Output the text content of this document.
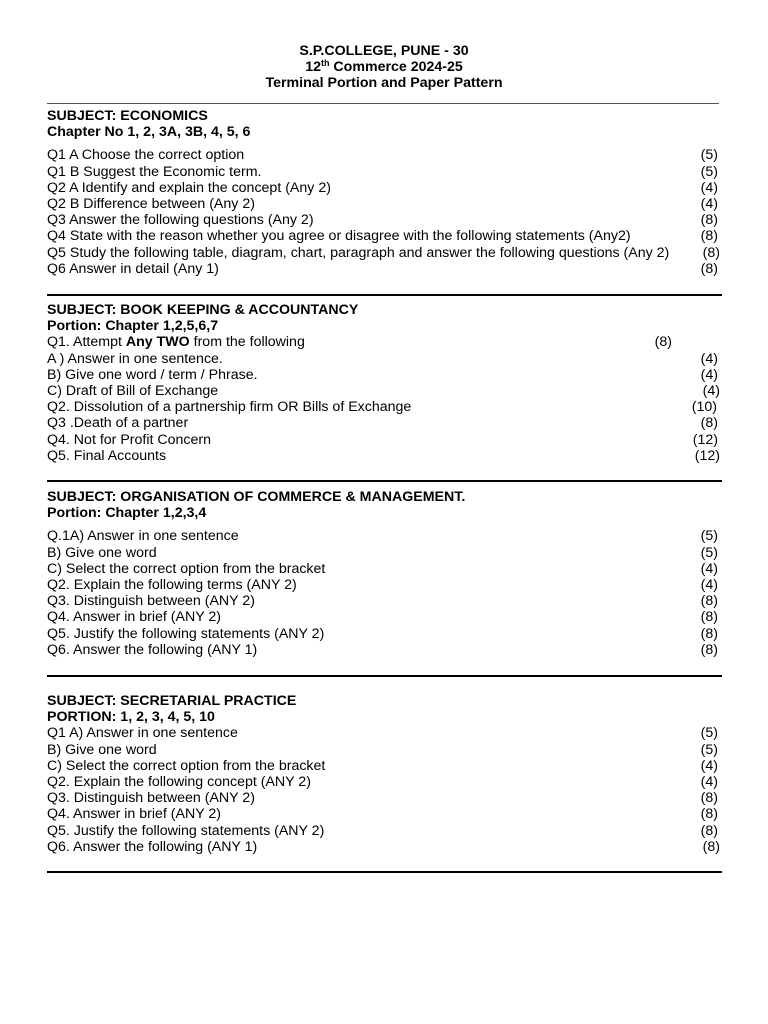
S.P.COLLEGE, PUNE - 30
12th Commerce 2024-25
Terminal Portion and Paper Pattern
SUBJECT: ECONOMICS
Chapter No 1, 2, 3A, 3B, 4, 5, 6
Q1 A Choose the correct option	(5)
Q1 B Suggest the Economic term.	(5)
Q2 A Identify and explain the concept (Any 2)	(4)
Q2 B Difference between (Any 2)	(4)
Q3 Answer the following questions (Any 2)	(8)
Q4 State with the reason whether you agree or disagree with the following statements (Any2)	(8)
Q5 Study the following table, diagram, chart, paragraph and answer the following questions (Any 2) (8)
Q6 Answer in detail (Any 1)	(8)
SUBJECT: BOOK KEEPING & ACCOUNTANCY
Portion: Chapter 1,2,5,6,7
Q1. Attempt Any TWO from the following	(8)
A ) Answer in one sentence.	(4)
B) Give one word / term / Phrase.	(4)
C) Draft of Bill of Exchange	(4)
Q2. Dissolution of a partnership firm OR Bills of Exchange	(10)
Q3 .Death of a partner	(8)
Q4. Not for Profit Concern	(12)
Q5. Final Accounts	(12)
SUBJECT: ORGANISATION OF COMMERCE & MANAGEMENT.
Portion: Chapter 1,2,3,4
Q.1A) Answer in one sentence	(5)
B) Give one word	(5)
C) Select the correct option from the bracket	(4)
Q2. Explain the following terms (ANY 2)	(4)
Q3. Distinguish between (ANY 2)	(8)
Q4. Answer in brief (ANY 2)	(8)
Q5. Justify the following statements (ANY 2)	(8)
Q6. Answer the following (ANY 1)	(8)
SUBJECT: SECRETARIAL PRACTICE
PORTION: 1, 2, 3, 4, 5, 10
Q1 A) Answer in one sentence	(5)
B) Give one word	(5)
C) Select the correct option from the bracket	(4)
Q2. Explain the following concept (ANY 2)	(4)
Q3. Distinguish between (ANY 2)	(8)
Q4. Answer in brief (ANY 2)	(8)
Q5. Justify the following statements (ANY 2)	(8)
Q6. Answer the following (ANY 1)	(8)
